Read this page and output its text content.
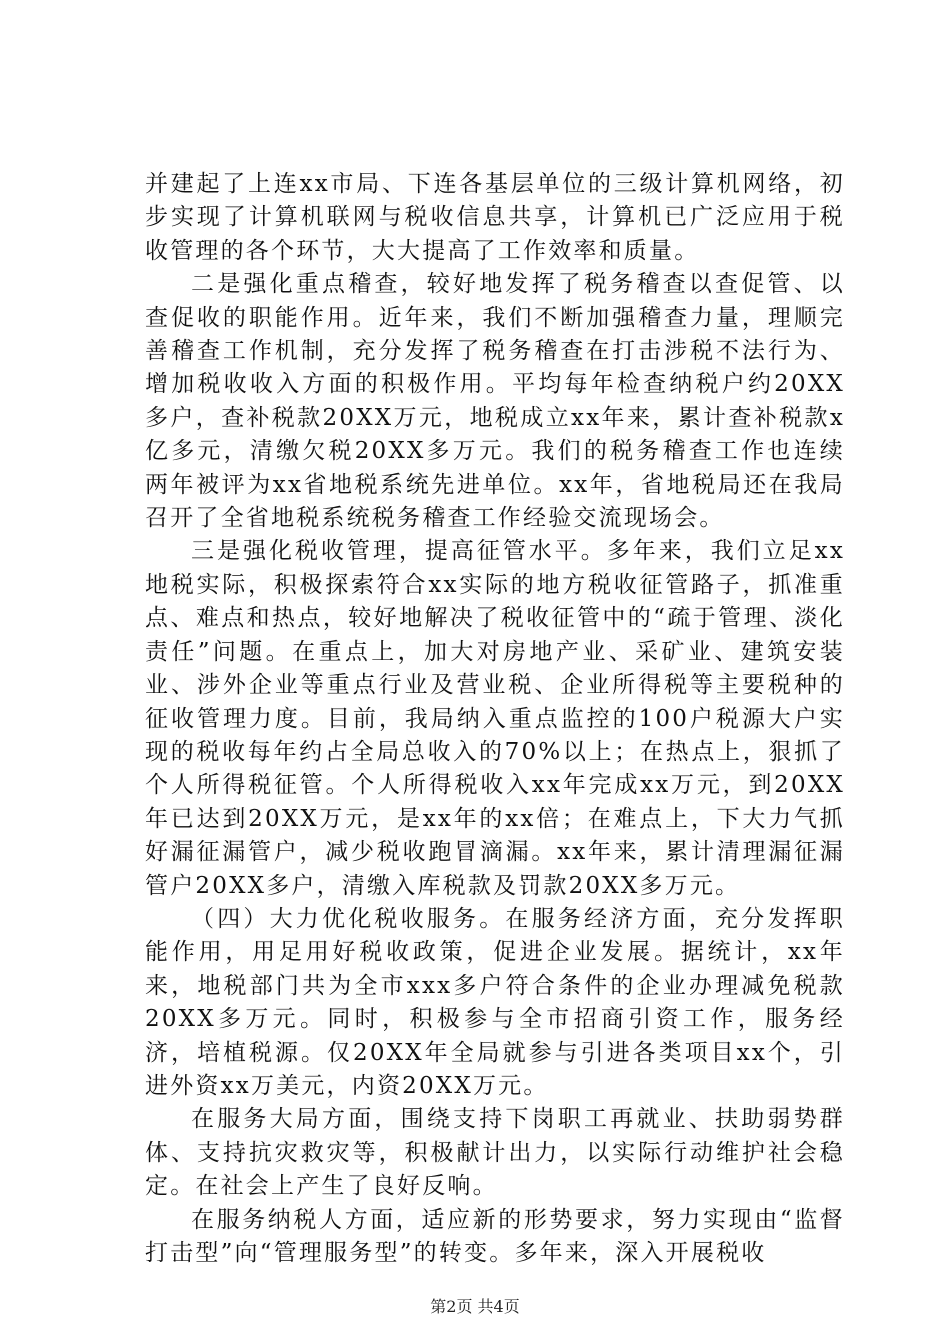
并建起了上连xx市局、下连各基层单位的三级计算机网络，初步实现了计算机联网与税收信息共享，计算机已广泛应用于税收管理的各个环节，大大提高了工作效率和质量。

二是强化重点稽查，较好地发挥了税务稽查以查促管、以查促收的职能作用。近年来，我们不断加强稽查力量，理顺完善稽查工作机制，充分发挥了税务稽查在打击涉税不法行为、增加税收收入方面的积极作用。平均每年检查纳税户约20XX多户，查补税款20XX万元，地税成立xx年来，累计查补税款x亿多元，清缴欠税20XX多万元。我们的税务稽查工作也连续两年被评为xx省地税系统先进单位。xx年，省地税局还在我局召开了全省地税系统税务稽查工作经验交流现场会。

三是强化税收管理，提高征管水平。多年来，我们立足xx地税实际，积极探索符合xx实际的地方税收征管路子，抓准重点、难点和热点，较好地解决了税收征管中的“疏于管理、淡化责任”问题。在重点上，加大对房地产业、采矿业、建筑安装业、涉外企业等重点行业及营业税、企业所得税等主要税种的征收管理力度。目前，我局纳入重点监控的100户税源大户实现的税收每年约占全局总收入的70%以上；在热点上，狠抓了个人所得税征管。个人所得税收入xx年完成xx万元，到20XX年已达到20XX万元，是xx年的xx倍；在难点上，下大力气抓好漏征漏管户，减少税收跑冒滴漏。xx年来，累计清理漏征漏管户20XX多户，清缴入库税款及罚款20XX多万元。

（四）大力优化税收服务。在服务经济方面，充分发挥职能作用，用足用好税收政策，促进企业发展。据统计，xx年来，地税部门共为全市xxx多户符合条件的企业办理减免税款20XX多万元。同时，积极参与全市招商引资工作，服务经济，培植税源。仅20XX年全局就参与引进各类项目xx个，引进外资xx万美元，内资20XX万元。

在服务大局方面，围绕支持下岗职工再就业、扶助弱势群体、支持抗灾救灾等，积极献计出力，以实际行动维护社会稳定。在社会上产生了良好反响。

在服务纳税人方面，适应新的形势要求，努力实现由“监督打击型”向“管理服务型”的转变。多年来，深入开展税收

第2页 共4页
